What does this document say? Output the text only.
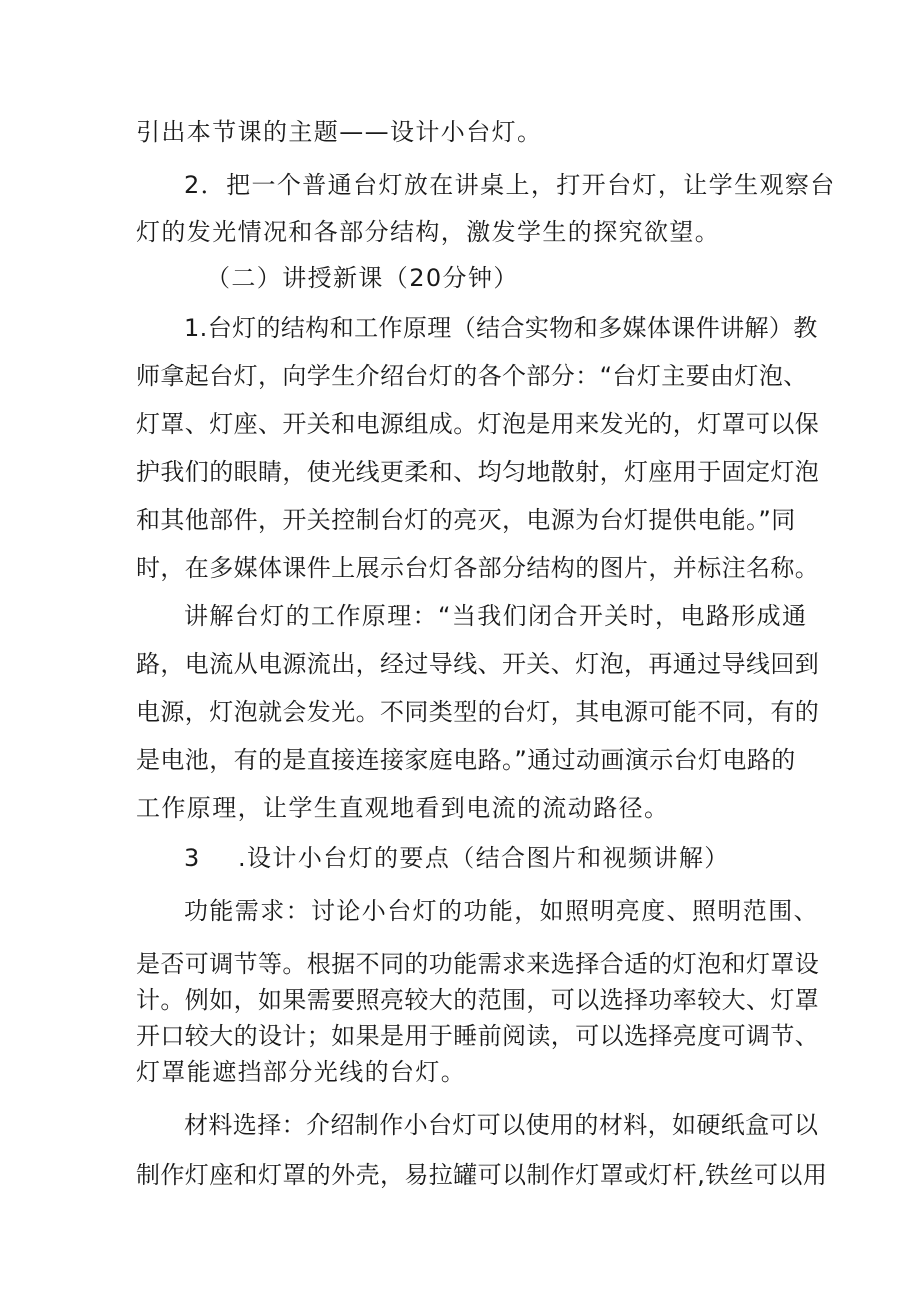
引出本节课的主题——设计小台灯。
2．把一个普通台灯放在讲桌上，打开台灯，让学生观察台
灯的发光情况和各部分结构，激发学生的探究欲望。
（二）讲授新课（20分钟）
1.台灯的结构和工作原理（结合实物和多媒体课件讲解）教
师拿起台灯，向学生介绍台灯的各个部分：“台灯主要由灯泡、
灯罩、灯座、开关和电源组成。灯泡是用来发光的，灯罩可以保
护我们的眼睛，使光线更柔和、均匀地散射，灯座用于固定灯泡
和其他部件，开关控制台灯的亮灭，电源为台灯提供电能。”同
时，在多媒体课件上展示台灯各部分结构的图片，并标注名称。
讲解台灯的工作原理：“当我们闭合开关时，电路形成通
路，电流从电源流出，经过导线、开关、灯泡，再通过导线回到
电源，灯泡就会发光。不同类型的台灯，其电源可能不同，有的
是电池，有的是直接连接家庭电路。”通过动画演示台灯电路的
工作原理，让学生直观地看到电流的流动路径。
3 .设计小台灯的要点（结合图片和视频讲解）
功能需求：讨论小台灯的功能，如照明亮度、照明范围、
是否可调节等。根据不同的功能需求来选择合适的灯泡和灯罩设
计。例如，如果需要照亮较大的范围，可以选择功率较大、灯罩
开口较大的设计；如果是用于睡前阅读，可以选择亮度可调节、
灯罩能遮挡部分光线的台灯。
材料选择：介绍制作小台灯可以使用的材料，如硬纸盒可以
制作灯座和灯罩的外壳，易拉罐可以制作灯罩或灯杆,铁丝可以用
